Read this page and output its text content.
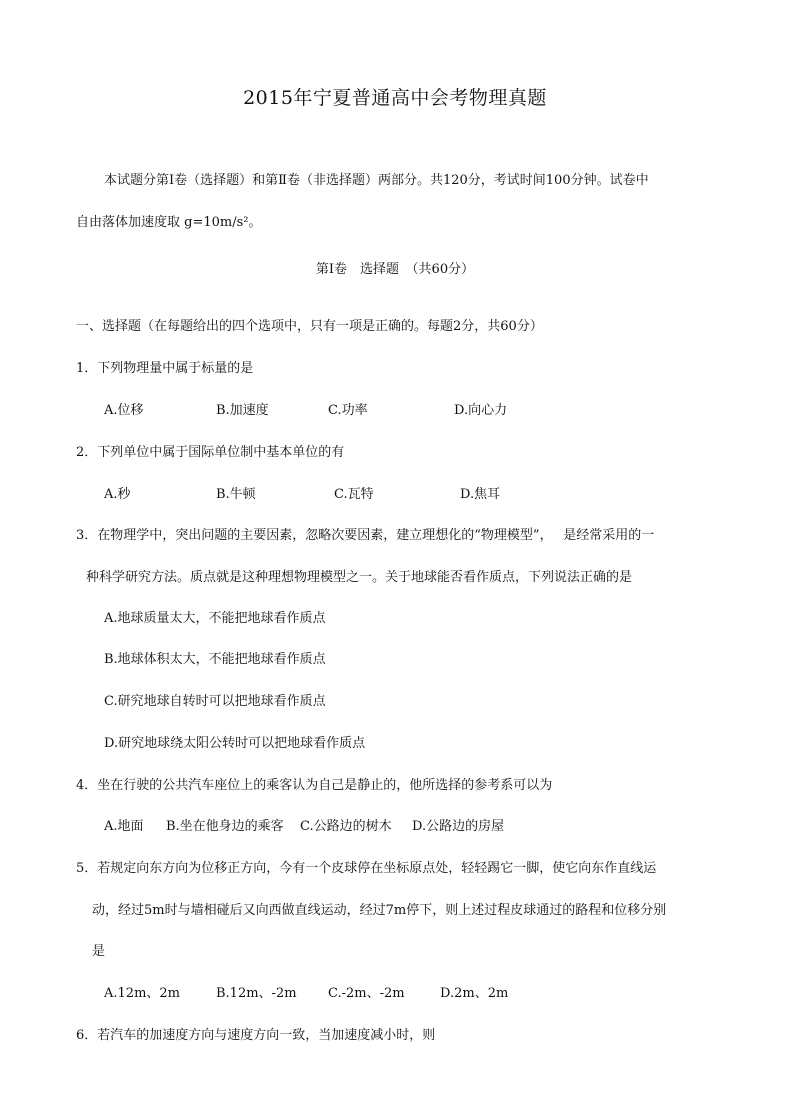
2015年宁夏普通高中会考物理真题
本试题分第Ⅰ卷（选择题）和第Ⅱ卷（非选择题）两部分。共120分，考试时间100分钟。试卷中
自由落体加速度取 g=10m/s²。
第Ⅰ卷　选择题　（共60分）
一、选择题（在每题给出的四个选项中，只有一项是正确的。每题2分，共60分）
1．下列物理量中属于标量的是
A.位移	B.加速度	C.功率	D.向心力
2．下列单位中属于国际单位制中基本单位的有
A.秒	B.牛顿	C.瓦特	D.焦耳
3．在物理学中，突出问题的主要因素，忽略次要因素，建立理想化的“物理模型”，　 是经常采用的一
种科学研究方法。质点就是这种理想物理模型之一。关于地球能否看作质点，下列说法正确的是
A.地球质量太大，不能把地球看作质点
B.地球体积太大，不能把地球看作质点
C.研究地球自转时可以把地球看作质点
D.研究地球绕太阳公转时可以把地球看作质点
4．坐在行驶的公共汽车座位上的乘客认为自己是静止的，他所选择的参考系可以为
A.地面 B.坐在他身边的乘客 C.公路边的树木 D.公路边的房屋
5．若规定向东方向为位移正方向，今有一个皮球停在坐标原点处，轻轻踢它一脚，使它向东作直线运
动，经过5m时与墙相碰后又向西做直线运动，经过7m停下，则上述过程皮球通过的路程和位移分别
是
A.12m、2m	B.12m、-2m C.-2m、-2m	D.2m、2m
6．若汽车的加速度方向与速度方向一致，当加速度减小时，则
